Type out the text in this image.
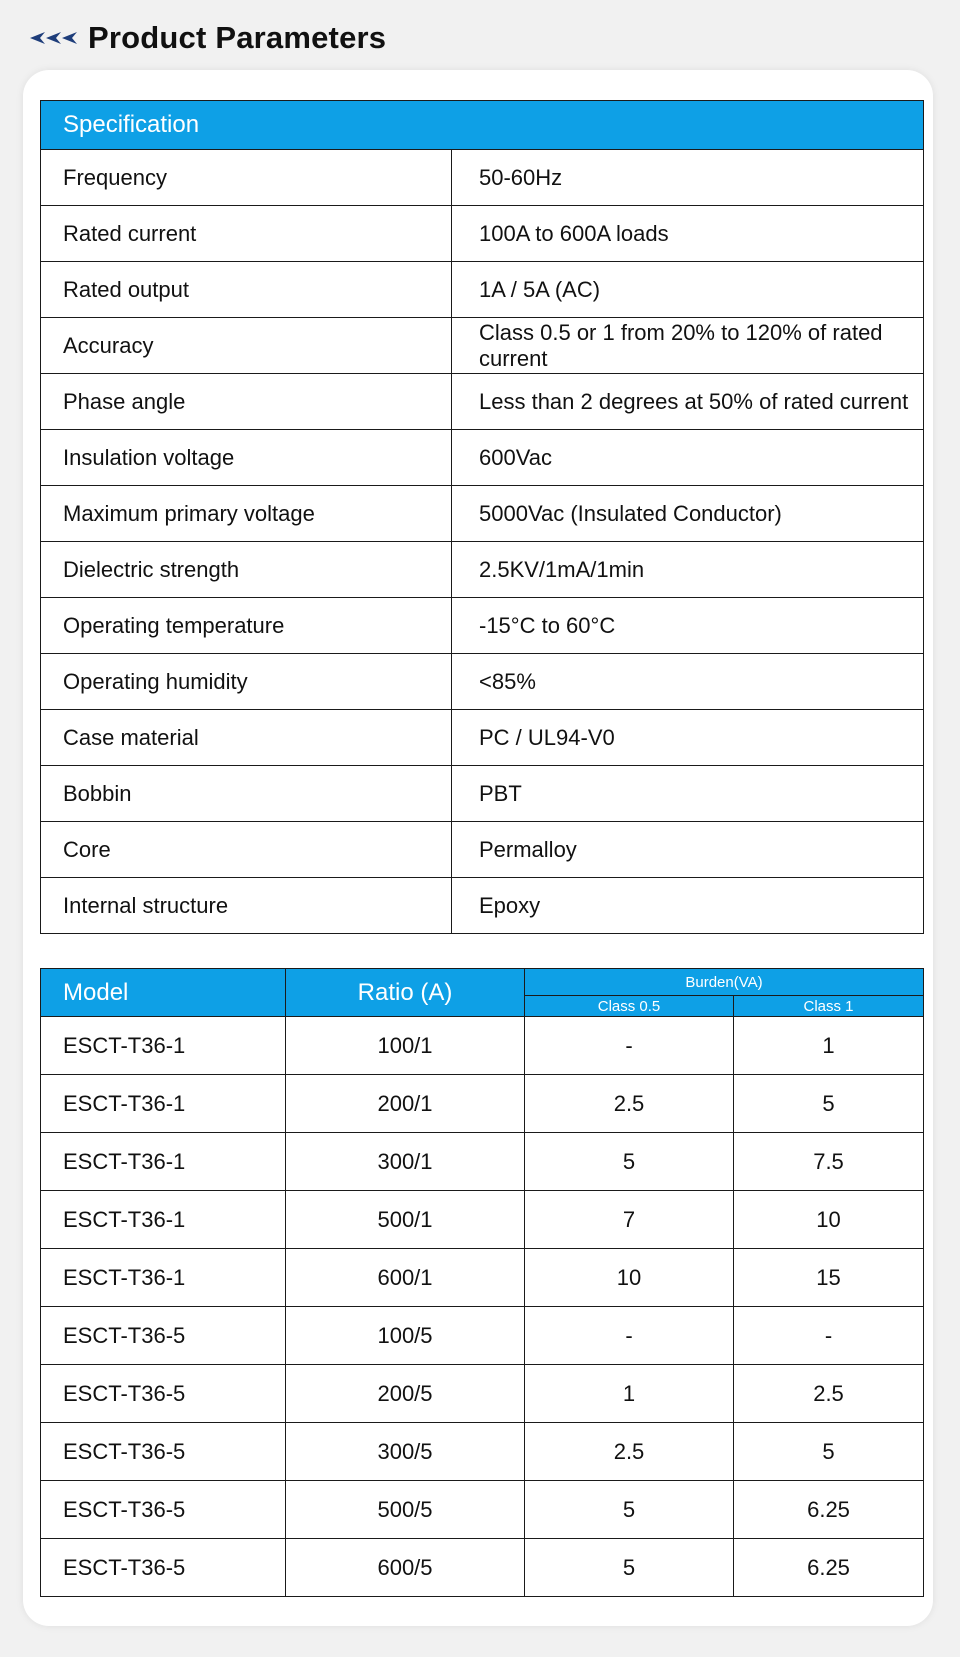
Product Parameters
Specification	
Frequency	50-60Hz
Rated current	100A to 600A loads
Rated output	1A / 5A (AC)
Accuracy	Class 0.5 or 1 from 20% to 120% of rated current
Phase angle	Less than 2 degrees at 50% of rated current
Insulation voltage	600Vac
Maximum primary voltage	5000Vac (Insulated Conductor)
Dielectric strength	2.5KV/1mA/1min
Operating temperature	-15°C to 60°C
Operating humidity	<85%
Case material	PC / UL94-V0
Bobbin	PBT
Core	Permalloy
Internal structure	Epoxy
Model	Ratio (A)	Burden(VA)	
		Class 0.5	Class 1
ESCT-T36-1	100/1	-	1
ESCT-T36-1	200/1	2.5	5
ESCT-T36-1	300/1	5	7.5
ESCT-T36-1	500/1	7	10
ESCT-T36-1	600/1	10	15
ESCT-T36-5	100/5	-	-
ESCT-T36-5	200/5	1	2.5
ESCT-T36-5	300/5	2.5	5
ESCT-T36-5	500/5	5	6.25
ESCT-T36-5	600/5	5	6.25
